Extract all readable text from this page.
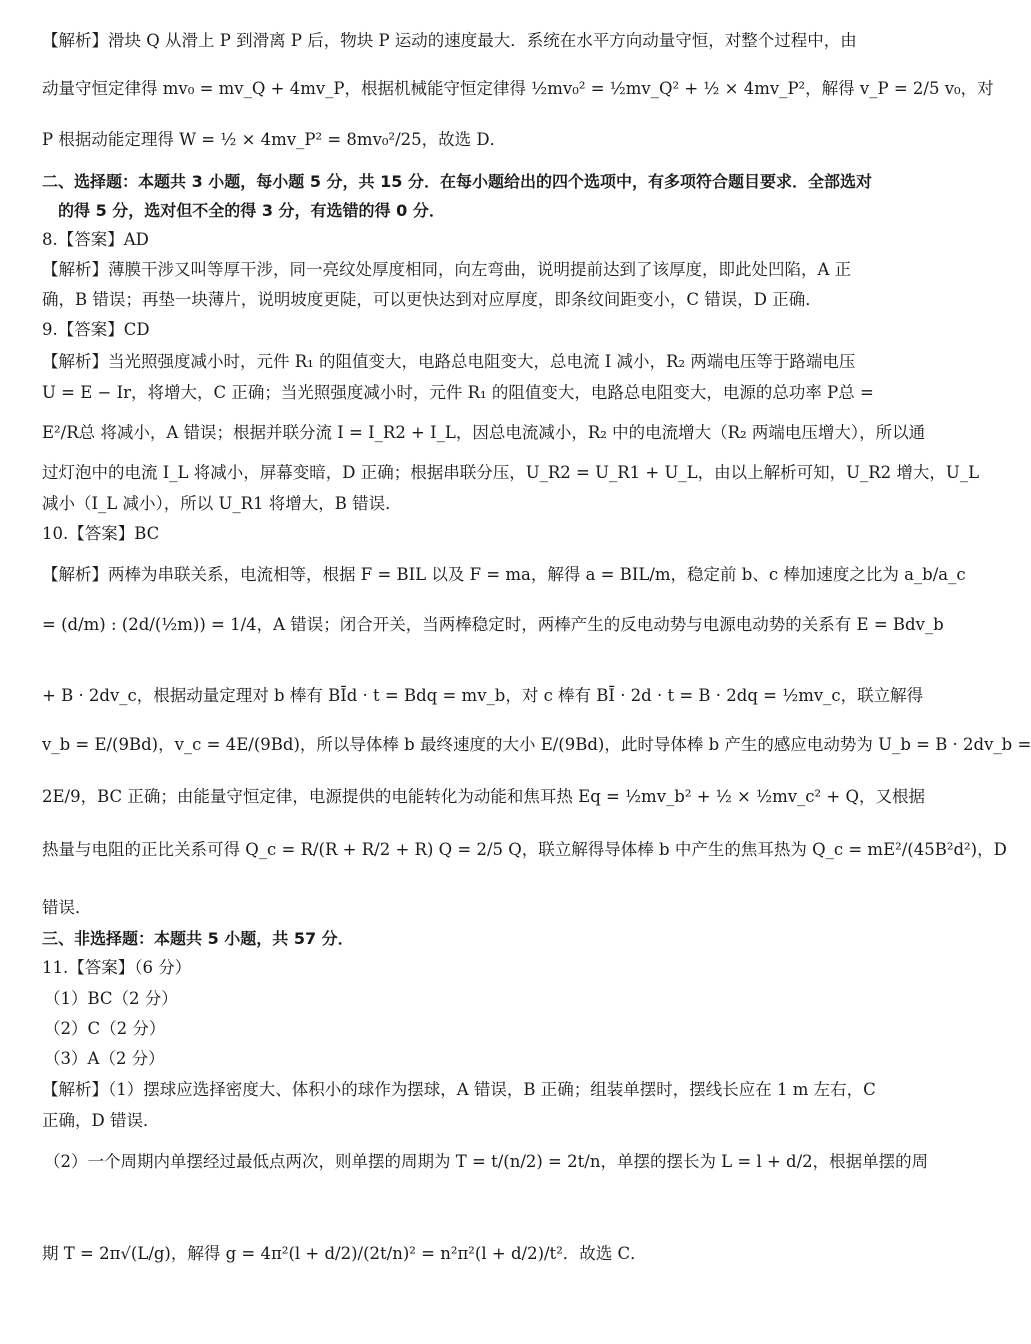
【解析】滑块 Q 从滑上 P 到滑离 P 后，物块 P 运动的速度最大．系统在水平方向动量守恒，对整个过程中，由
动量守恒定律得 mv₀ = mv_Q + 4mv_P，根据机械能守恒定律得 ½mv₀² = ½mv_Q² + ½ × 4mv_P²，解得 v_P = 2/5 v₀，对
P 根据动能定理得 W = ½ × 4mv_P² = 8mv₀²/25，故选 D．
二、选择题：本题共 3 小题，每小题 5 分，共 15 分．在每小题给出的四个选项中，有多项符合题目要求．全部选对
　的得 5 分，选对但不全的得 3 分，有选错的得 0 分．
8.【答案】AD
【解析】薄膜干涉又叫等厚干涉，同一亮纹处厚度相同，向左弯曲，说明提前达到了该厚度，即此处凹陷，A 正
确，B 错误；再垫一块薄片，说明坡度更陡，可以更快达到对应厚度，即条纹间距变小，C 错误，D 正确．
9.【答案】CD
【解析】当光照强度减小时，元件 R₁ 的阻值变大，电路总电阻变大，总电流 I 减小，R₂ 两端电压等于路端电压
U = E − Ir，将增大，C 正确；当光照强度减小时，元件 R₁ 的阻值变大，电路总电阻变大，电源的总功率 P总 =
E²/R总 将减小，A 错误；根据并联分流 I = I_R2 + I_L，因总电流减小，R₂ 中的电流增大（R₂ 两端电压增大），所以通
过灯泡中的电流 I_L 将减小，屏幕变暗，D 正确；根据串联分压，U_R2 = U_R1 + U_L，由以上解析可知，U_R2 增大，U_L
减小（I_L 减小），所以 U_R1 将增大，B 错误．
10.【答案】BC
【解析】两棒为串联关系，电流相等，根据 F = BIL 以及 F = ma，解得 a = BIL/m，稳定前 b、c 棒加速度之比为 a_b/a_c
= (d/m) : (2d/(½m)) = 1/4，A 错误；闭合开关，当两棒稳定时，两棒产生的反电动势与电源电动势的关系有 E = Bdv_b
+ B · 2dv_c，根据动量定理对 b 棒有 BĪd · t = Bdq = mv_b，对 c 棒有 BĪ · 2d · t = B · 2dq = ½mv_c，联立解得
v_b = E/(9Bd)，v_c = 4E/(9Bd)，所以导体棒 b 最终速度的大小 E/(9Bd)，此时导体棒 b 产生的感应电动势为 U_b = B · 2dv_b =
2E/9，BC 正确；由能量守恒定律，电源提供的电能转化为动能和焦耳热 Eq = ½mv_b² + ½ × ½mv_c² + Q，又根据
热量与电阻的正比关系可得 Q_c = R/(R + R/2 + R) Q = 2/5 Q，联立解得导体棒 b 中产生的焦耳热为 Q_c = mE²/(45B²d²)，D
错误．
三、非选择题：本题共 5 小题，共 57 分．
11.【答案】（6 分）
（1）BC（2 分）
（2）C（2 分）
（3）A（2 分）
【解析】（1）摆球应选择密度大、体积小的球作为摆球，A 错误，B 正确；组装单摆时，摆线长应在 1 m 左右，C
正确，D 错误．
（2）一个周期内单摆经过最低点两次，则单摆的周期为 T = t/(n/2) = 2t/n，单摆的摆长为 L = l + d/2，根据单摆的周
期 T = 2π√(L/g)，解得 g = 4π²(l + d/2)/(2t/n)² = n²π²(l + d/2)/t²．故选 C．
